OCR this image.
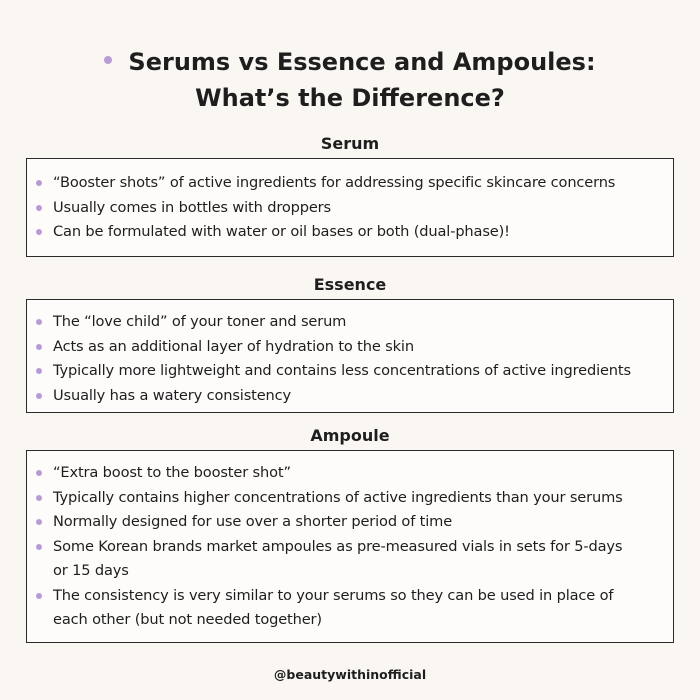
Serums vs Essence and Ampoules:
What’s the Difference?
Serum
“Booster shots” of active ingredients for addressing specific skincare concerns
Usually comes in bottles with droppers
Can be formulated with water or oil bases or both (dual-phase)!
Essence
The “love child” of your toner and serum
Acts as an additional layer of hydration to the skin
Typically more lightweight and contains less concentrations of active ingredients
Usually has a watery consistency
Ampoule
“Extra boost to the booster shot”
Typically contains higher concentrations of active ingredients than your serums
Normally designed for use over a shorter period of time
Some Korean brands market ampoules as pre-measured vials in sets for 5-days or 15 days
The consistency is very similar to your serums so they can be used in place of each other (but not needed together)
@beautywithinofficial
